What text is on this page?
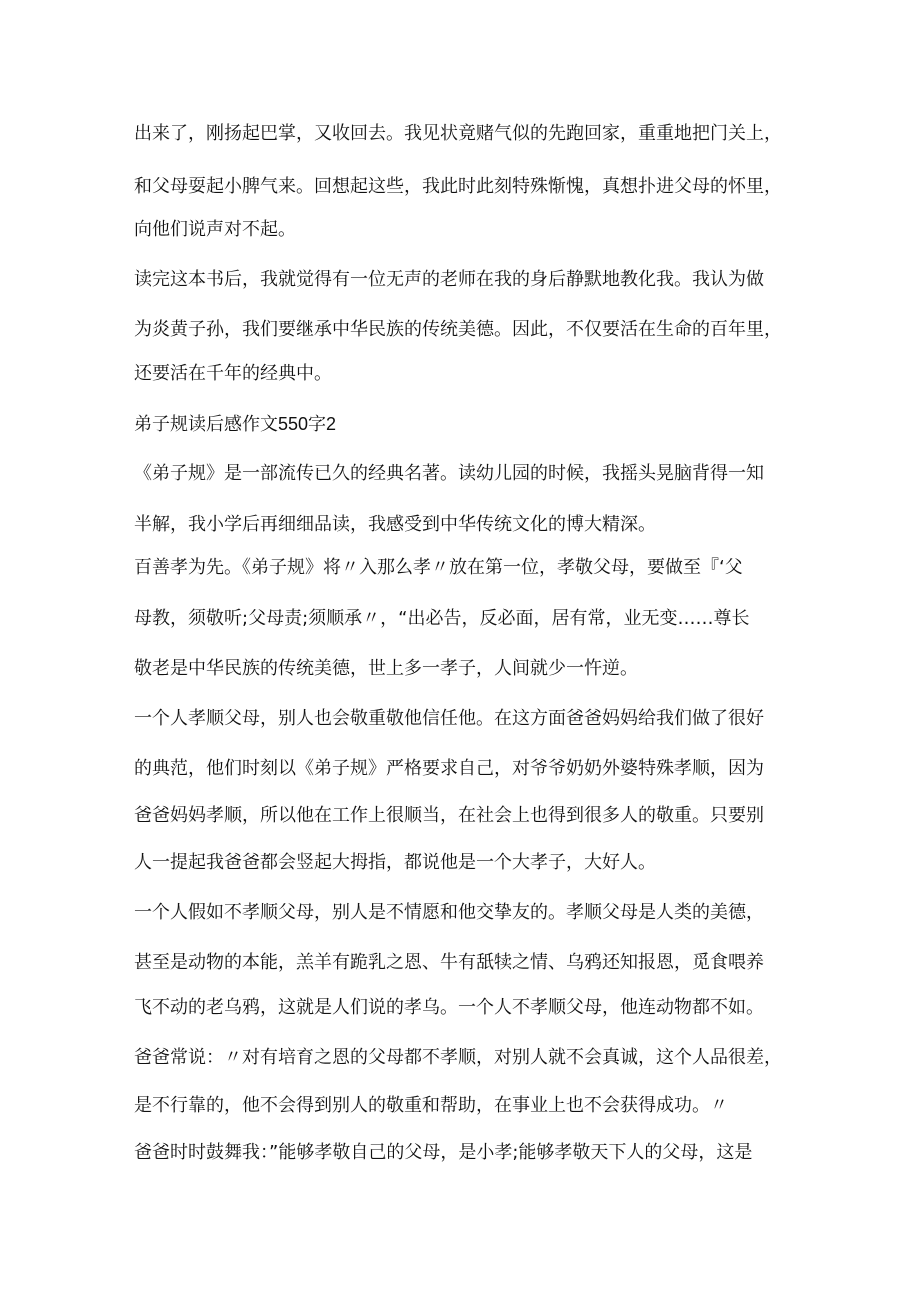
出来了，刚扬起巴掌，又收回去。我见状竟赌气似的先跑回家，重重地把门关上，
和父母耍起小脾气来。回想起这些，我此时此刻特殊惭愧，真想扑进父母的怀里，
向他们说声对不起。
读完这本书后，我就觉得有一位无声的老师在我的身后静默地教化我。我认为做
为炎黄子孙，我们要继承中华民族的传统美德。因此，不仅要活在生命的百年里，
还要活在千年的经典中。
弟子规读后感作文550字2
《弟子规》是一部流传已久的经典名著。读幼儿园的时候，我摇头晃脑背得一知
半解，我小学后再细细品读，我感受到中华传统文化的博大精深。
百善孝为先。《弟子规》将〃入那么孝〃放在第一位，孝敬父母，要做至『‘父
母教，须敬听;父母责;须顺承〃，“出必告，反必面，居有常，业无变……尊长
敬老是中华民族的传统美德，世上多一孝子，人间就少一忤逆。
一个人孝顺父母，别人也会敬重敬他信任他。在这方面爸爸妈妈给我们做了很好
的典范，他们时刻以《弟子规》严格要求自己，对爷爷奶奶外婆特殊孝顺，因为
爸爸妈妈孝顺，所以他在工作上很顺当，在社会上也得到很多人的敬重。只要别
人一提起我爸爸都会竖起大拇指，都说他是一个大孝子，大好人。
一个人假如不孝顺父母，别人是不情愿和他交挚友的。孝顺父母是人类的美德，
甚至是动物的本能，羔羊有跪乳之恩、牛有舐犊之情、乌鸦还知报恩，觅食喂养
飞不动的老乌鸦，这就是人们说的孝乌。一个人不孝顺父母，他连动物都不如。
爸爸常说：〃对有培育之恩的父母都不孝顺，对别人就不会真诚，这个人品很差，
是不行靠的，他不会得到别人的敬重和帮助，在事业上也不会获得成功。〃
爸爸时时鼓舞我：”能够孝敬自己的父母，是小孝;能够孝敬天下人的父母，这是
